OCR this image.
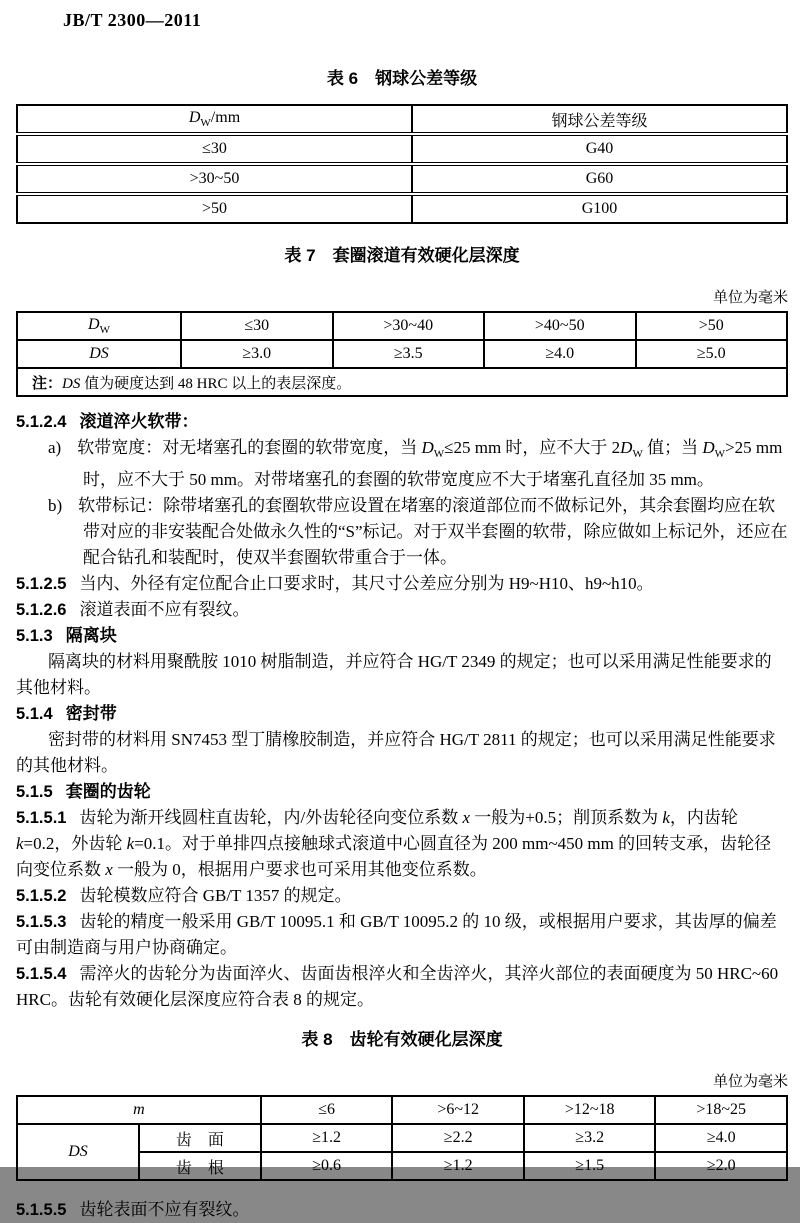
JB/T 2300—2011
表 6　钢球公差等级
$D_W/mm$	钢球公差等级
≤30	G40
>30~50	G60
>50	G100
表 7　套圈滚道有效硬化层深度
单位为毫米
$D_W$	≤30	>30~40	>40~50	>50
DS	≥3.0	≥3.5	≥4.0	≥5.0
注：DS 值为硬度达到 48 HRC 以上的表层深度。				
5.1.2.4 滚道淬火软带：
a) 软带宽度：对无堵塞孔的套圈的软带宽度，当 $D_W\le 25$ mm 时，应不大于 $2D_W$ 值；当 $D_W>25$ mm 时，应不大于 50 mm。对带堵塞孔的套圈的软带宽度应不大于堵塞孔直径加 35 mm。
b) 软带标记：除带堵塞孔的套圈软带应设置在堵塞的滚道部位而不做标记外，其余套圈均应在软带对应的非安装配合处做永久性的“S”标记。对于双半套圈的软带，除应做如上标记外，还应在配合钻孔和装配时，使双半套圈软带重合于一体。
5.1.2.5 当内、外径有定位配合止口要求时，其尺寸公差应分别为 H9~H10、h9~h10。
5.1.2.6 滚道表面不应有裂纹。
5.1.3 隔离块
隔离块的材料用聚酰胺 1010 树脂制造，并应符合 HG/T 2349 的规定；也可以采用满足性能要求的其他材料。
5.1.4 密封带
密封带的材料用 SN7453 型丁腈橡胶制造，并应符合 HG/T 2811 的规定；也可以采用满足性能要求的其他材料。
5.1.5 套圈的齿轮
5.1.5.1 齿轮为渐开线圆柱直齿轮，内/外齿轮径向变位系数 x 一般为+0.5；削顶系数为 k，内齿轮 k=0.2，外齿轮 k=0.1。对于单排四点接触球式滚道中心圆直径为 200 mm~450 mm 的回转支承，齿轮径向变位系数 x 一般为 0，根据用户要求也可采用其他变位系数。
5.1.5.2 齿轮模数应符合 GB/T 1357 的规定。
5.1.5.3 齿轮的精度一般采用 GB/T 10095.1 和 GB/T 10095.2 的 10 级，或根据用户要求，其齿厚的偏差可由制造商与用户协商确定。
5.1.5.4 需淬火的齿轮分为齿面淬火、齿面齿根淬火和全齿淬火，其淬火部位的表面硬度为 50 HRC~60 HRC。齿轮有效硬化层深度应符合表 8 的规定。
表 8　齿轮有效硬化层深度
单位为毫米
m		≤6	>6~12	>12~18	>18~25
DS	齿　面	≥1.2	≥2.2	≥3.2	≥4.0
	齿　根	≥0.6	≥1.2	≥1.5	≥2.0
5.1.5.5 齿轮表面不应有裂纹。
